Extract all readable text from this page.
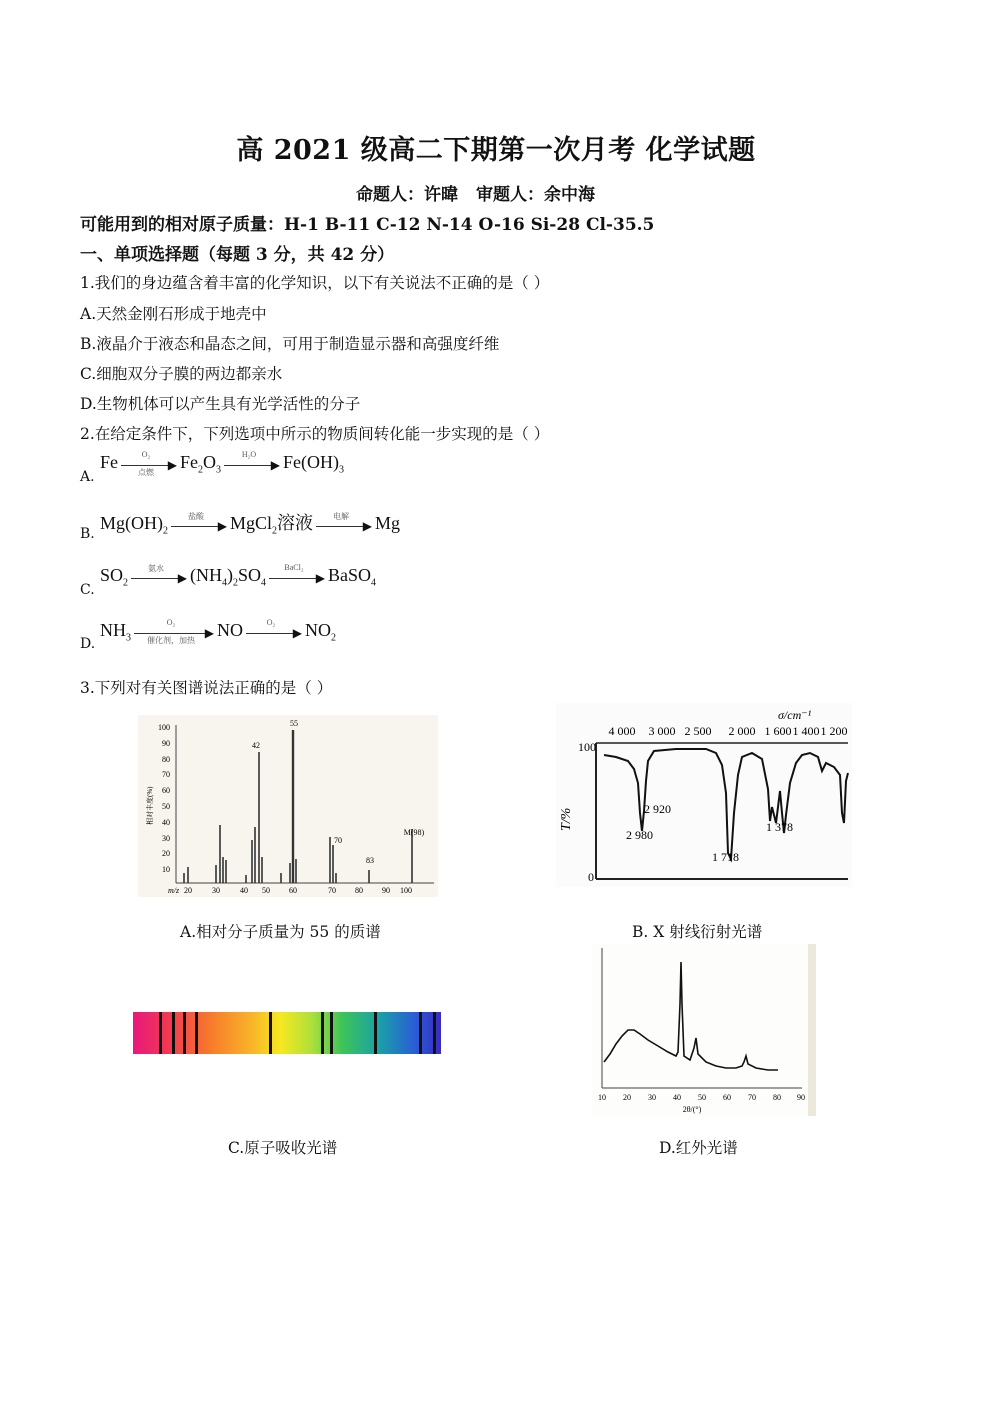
高 2021 级高二下期第一次月考 化学试题
命题人：许暐 审题人：余中海
可能用到的相对原子质量：H-1 B-11 C-12 N-14 O-16 Si-28 Cl-35.5
一、单项选择题（每题 3 分，共 42 分）
1.我们的身边蕴含着丰富的化学知识，以下有关说法不正确的是（ ）
A.天然金刚石形成于地壳中
B.液晶介于液态和晶态之间，可用于制造显示器和高强度纤维
C.细胞双分子膜的两边都亲水
D.生物机体可以产生具有光学活性的分子
2.在给定条件下，下列选项中所示的物质间转化能一步实现的是（ ）
A.
Fe	O₂
▶
点燃
$Fe_2O_3$
H₂O
▶ $Fe(OH)_3$
B.
$Mg(OH)_2$
盐酸
▶ MgCl$_2$溶液	电解
▶ Mg
C.
$SO_2$
氨水
▶ $(NH_4)_2SO_4$
BaCl₂
▶ BaSO$_4$
D.
$NH_3$
O₂
▶
催化剂，加热
NO	O₂
▶ $NO_2$
3.下列对有关图谱说法正确的是（ ）
100
90
80
70
60
50
40
30
20
10
相对丰度(%)
m/z 20	30	40 50 60	70 80 90 100
42
55
70
83
M(98)
A.相对分子质量为 55 的质谱
4 000 3 000 2 500 2 000 1 600 1 400 1 200
σ/cm⁻¹
100
0
T/%	2 920
2 980
1 718
1 378
B. X 射线衍射光谱
C.原子吸收光谱
10 20 30 40 50 60 70 80 90
2θ/(°)
D.红外光谱
